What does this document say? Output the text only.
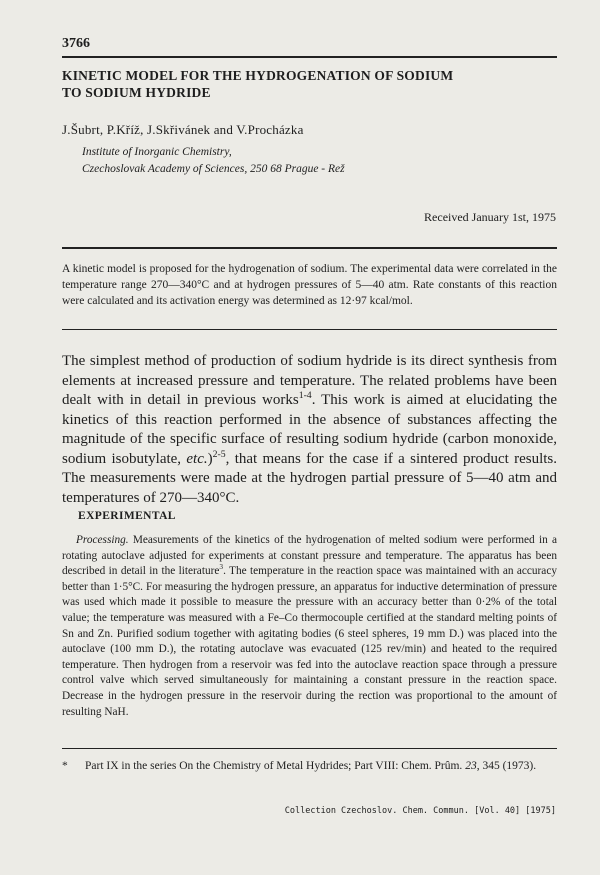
3766
KINETIC MODEL FOR THE HYDROGENATION OF SODIUM
TO SODIUM HYDRIDE
J.Šubrt, P.Kříž, J.Skřivánek and V.Procházka
Institute of Inorganic Chemistry,
Czechoslovak Academy of Sciences, 250 68 Prague - Rež
Received January 1st, 1975
A kinetic model is proposed for the hydrogenation of sodium. The experimental data were correlated in the temperature range 270—340°C and at hydrogen pressures of 5—40 atm. Rate constants of this reaction were calculated and its activation energy was determined as 12·97 kcal/mol.
The simplest method of production of sodium hydride is its direct synthesis from elements at increased pressure and temperature. The related problems have been dealt with in detail in previous works$^{1-4}$. This work is aimed at elucidating the kinetics of this reaction performed in the absence of substances affecting the magnitude of the specific surface of resulting sodium hydride (carbon monoxide, sodium isobutylate, etc.)$^{2-5}$, that means for the case if a sintered product results. The measurements were made at the hydrogen partial pressure of 5—40 atm and temperatures of 270—340°C.
EXPERIMENTAL
Processing. Measurements of the kinetics of the hydrogenation of melted sodium were performed in a rotating autoclave adjusted for experiments at constant pressure and temperature. The apparatus has been described in detail in the literature$^3$. The temperature in the reaction space was maintained with an accuracy better than 1·5°C. For measuring the hydrogen pressure, an apparatus for inductive determination of pressure was used which made it possible to measure the pressure with an accuracy better than 0·2% of the total value; the temperature was measured with a Fe–Co thermocouple certified at the standard melting points of Sn and Zn. Purified sodium together with agitating bodies (6 steel spheres, 19 mm D.) was placed into the autoclave (100 mm D.), the rotating autoclave was evacuated (125 rev/min) and heated to the required temperature. Then hydrogen from a reservoir was fed into the autoclave reaction space through a pressure control valve which served simultaneously for maintaining a constant pressure in the reaction space. Decrease in the hydrogen pressure in the reservoir during the rection was proportional to the amount of resulting NaH.
* Part IX in the series On the Chemistry of Metal Hydrides; Part VIII: Chem. Prûm. 23, 345 (1973).
Collection Czechoslov. Chem. Commun. [Vol. 40] [1975]
